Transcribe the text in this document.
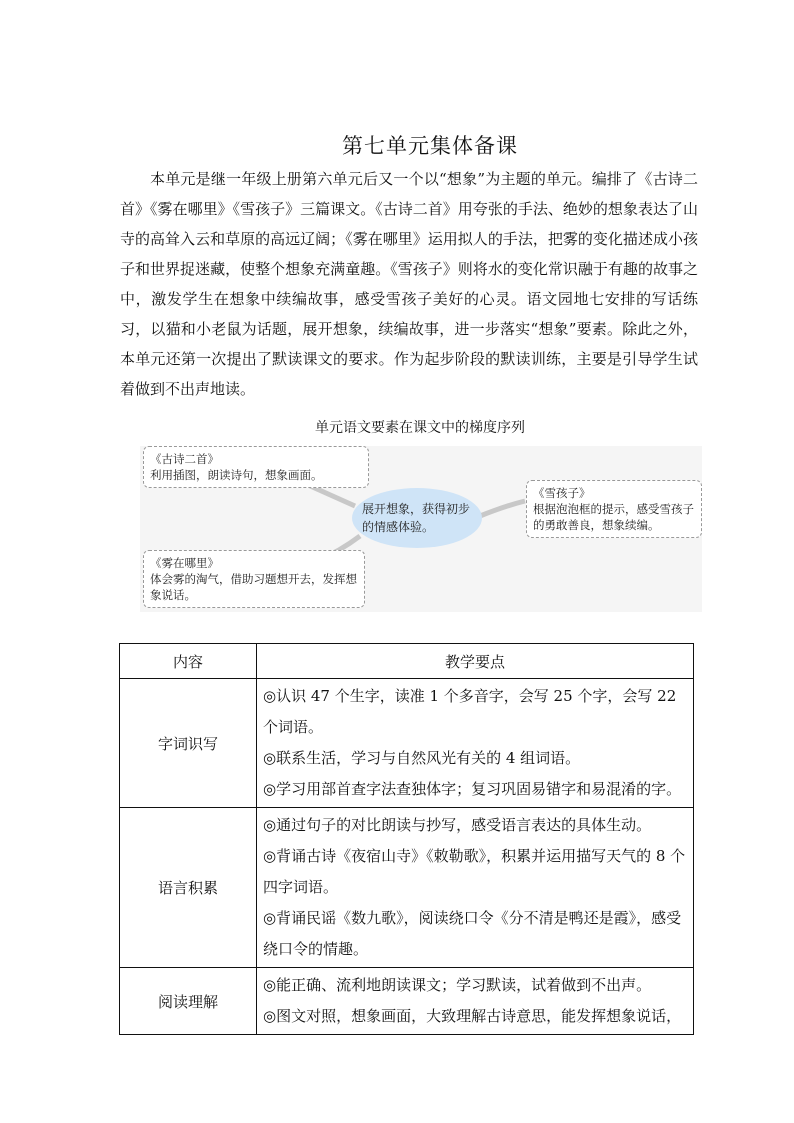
第七单元集体备课

本单元是继一年级上册第六单元后又一个以“想象”为主题的单元。编排了《古诗二首》《雾在哪里》《雪孩子》三篇课文。《古诗二首》用夸张的手法、绝妙的想象表达了山寺的高耸入云和草原的高远辽阔；《雾在哪里》运用拟人的手法，把雾的变化描述成小孩子和世界捉迷藏，使整个想象充满童趣。《雪孩子》则将水的变化常识融于有趣的故事之中，激发学生在想象中续编故事，感受雪孩子美好的心灵。语文园地七安排的写话练习，以猫和小老鼠为话题，展开想象，续编故事，进一步落实“想象”要素。除此之外，本单元还第一次提出了默读课文的要求。作为起步阶段的默读训练，主要是引导学生试着做到不出声地读。

单元语文要素在课文中的梯度序列
《古诗二首》
利用插图，朗读诗句，想象画面。
展开想象，获得初步的情感体验。
《雪孩子》
根据泡泡框的提示，感受雪孩子的勇敢善良，想象续编。
《雾在哪里》
体会雾的淘气，借助习题想开去，发挥想象说话。
内容	教学要点
字词识写	◎认识 47 个生字，读准 1 个多音字，会写 25 个字，会写 22 个词语。
◎联系生活，学习与自然风光有关的 4 组词语。
◎学习用部首查字法查独体字；复习巩固易错字和易混淆的字。

语言积累	◎通过句子的对比朗读与抄写，感受语言表达的具体生动。
◎背诵古诗《夜宿山寺》《敕勒歌》，积累并运用描写天气的 8 个四字词语。
◎背诵民谣《数九歌》，阅读绕口令《分不清是鸭还是霞》，感受绕口令的情趣。

阅读理解	◎能正确、流利地朗读课文；学习默读，试着做到不出声。
◎图文对照，想象画面，大致理解古诗意思，能发挥想象说话，
